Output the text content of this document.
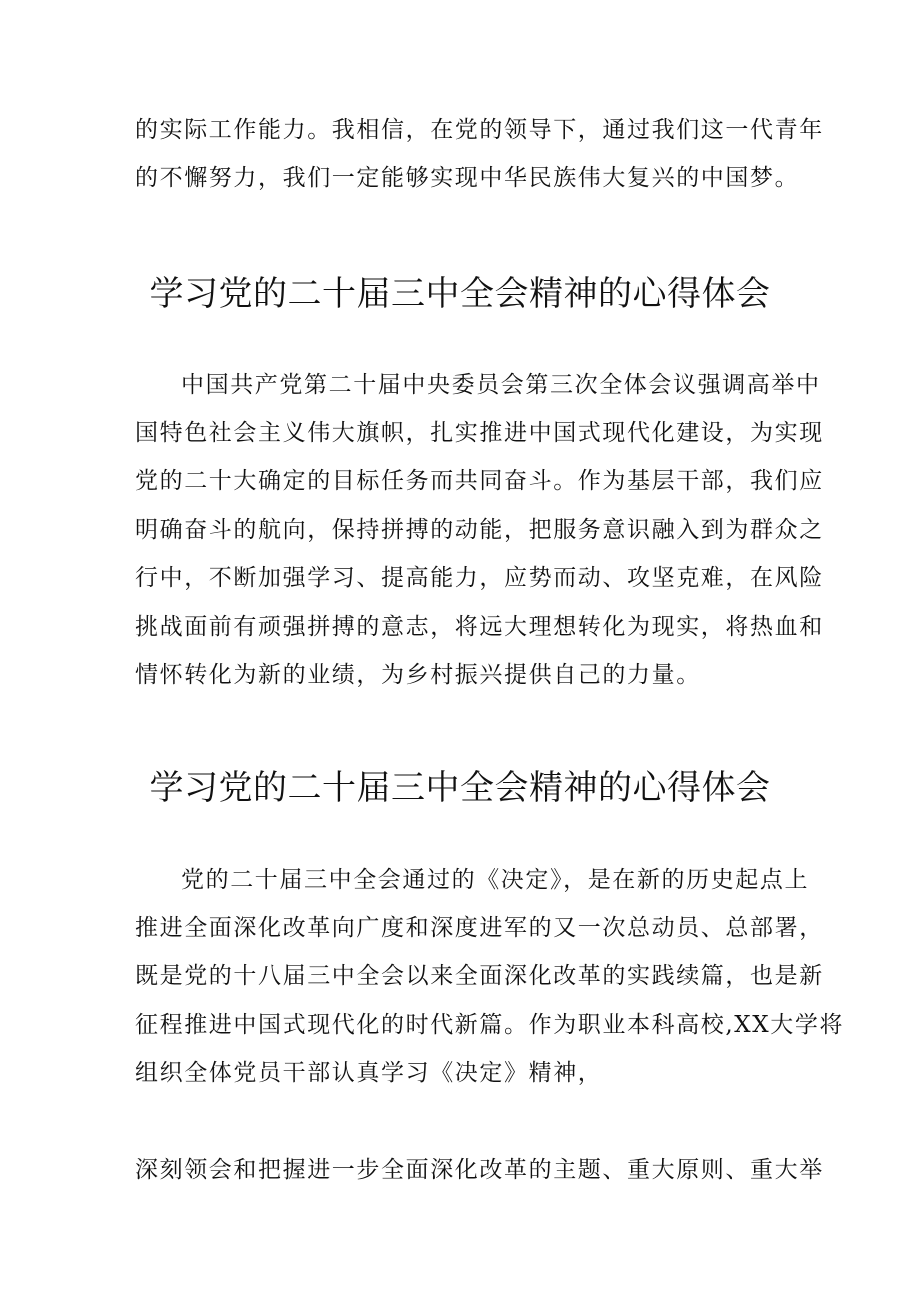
的实际工作能力。我相信，在党的领导下，通过我们这一代青年
的不懈努力，我们一定能够实现中华民族伟大复兴的中国梦。
学习党的二十届三中全会精神的心得体会
中国共产党第二十届中央委员会第三次全体会议强调高举中
国特色社会主义伟大旗帜，扎实推进中国式现代化建设，为实现
党的二十大确定的目标任务而共同奋斗。作为基层干部，我们应
明确奋斗的航向，保持拼搏的动能，把服务意识融入到为群众之
行中，不断加强学习、提高能力，应势而动、攻坚克难，在风险
挑战面前有顽强拼搏的意志，将远大理想转化为现实，将热血和
情怀转化为新的业绩，为乡村振兴提供自己的力量。
学习党的二十届三中全会精神的心得体会
党的二十届三中全会通过的《决定》，是在新的历史起点上
推进全面深化改革向广度和深度进军的又一次总动员、总部署，
既是党的十八届三中全会以来全面深化改革的实践续篇，也是新
征程推进中国式现代化的时代新篇。作为职业本科高校,XX大学将
组织全体党员干部认真学习《决定》精神，
深刻领会和把握进一步全面深化改革的主题、重大原则、重大举
